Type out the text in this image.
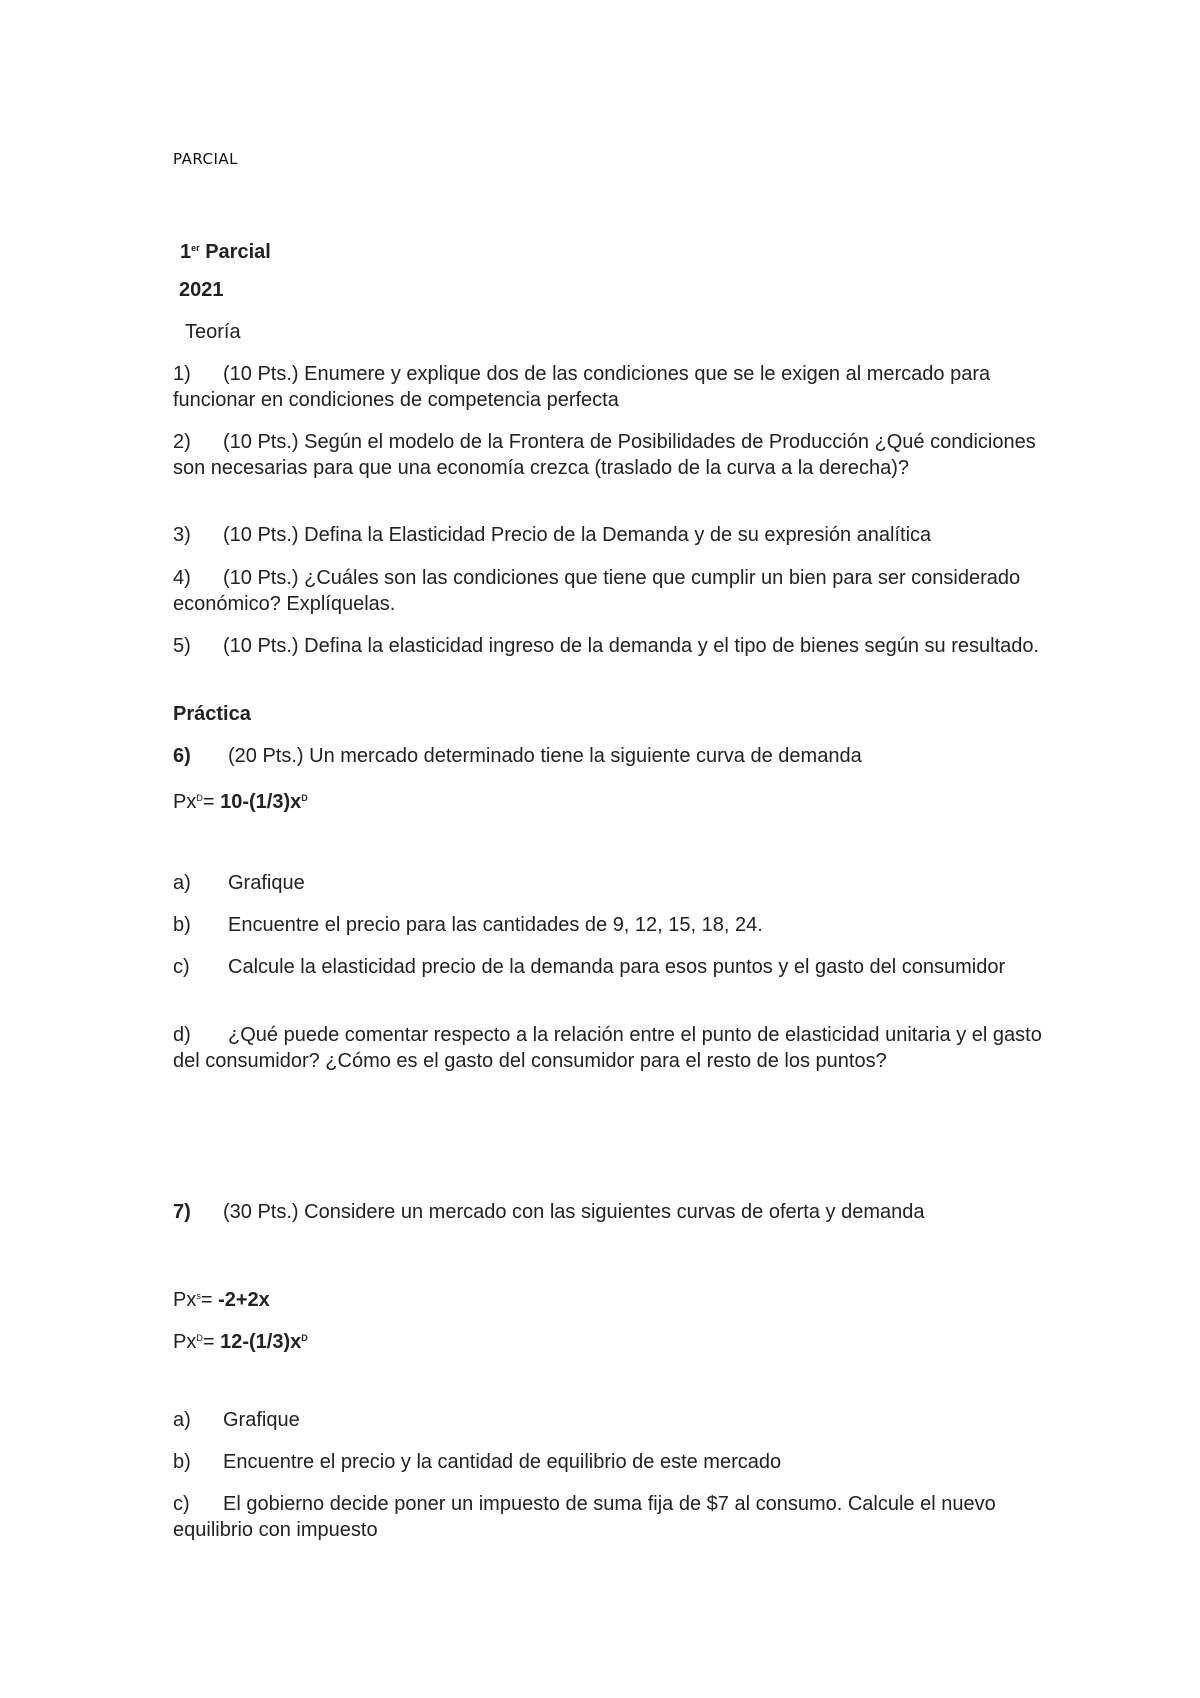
PARCIAL
1er Parcial
2021
Teoría
1) (10 Pts.) Enumere y explique dos de las condiciones que se le exigen al mercado para funcionar en condiciones de competencia perfecta
2) (10 Pts.) Según el modelo de la Frontera de Posibilidades de Producción ¿Qué condiciones son necesarias para que una economía crezca (traslado de la curva a la derecha)?
3) (10 Pts.) Defina la Elasticidad Precio de la Demanda y de su expresión analítica
4) (10 Pts.) ¿Cuáles son las condiciones que tiene que cumplir un bien para ser considerado económico? Explíquelas.
5) (10 Pts.) Defina la elasticidad ingreso de la demanda y el tipo de bienes según su resultado.
Práctica
6) (20 Pts.) Un mercado determinado tiene la siguiente curva de demanda
$Px^D= 10-(1/3)x^D$
a) Grafique
b) Encuentre el precio para las cantidades de 9, 12, 15, 18, 24.
c) Calcule la elasticidad precio de la demanda para esos puntos y el gasto del consumidor
d) ¿Qué puede comentar respecto a la relación entre el punto de elasticidad unitaria y el gasto del consumidor? ¿Cómo es el gasto del consumidor para el resto de los puntos?
7) (30 Pts.) Considere un mercado con las siguientes curvas de oferta y demanda
$Px^s= -2+2x$
$Px^D= 12-(1/3)x^D$
a) Grafique
b) Encuentre el precio y la cantidad de equilibrio de este mercado
c) El gobierno decide poner un impuesto de suma fija de $7 al consumo. Calcule el nuevo equilibrio con impuesto
